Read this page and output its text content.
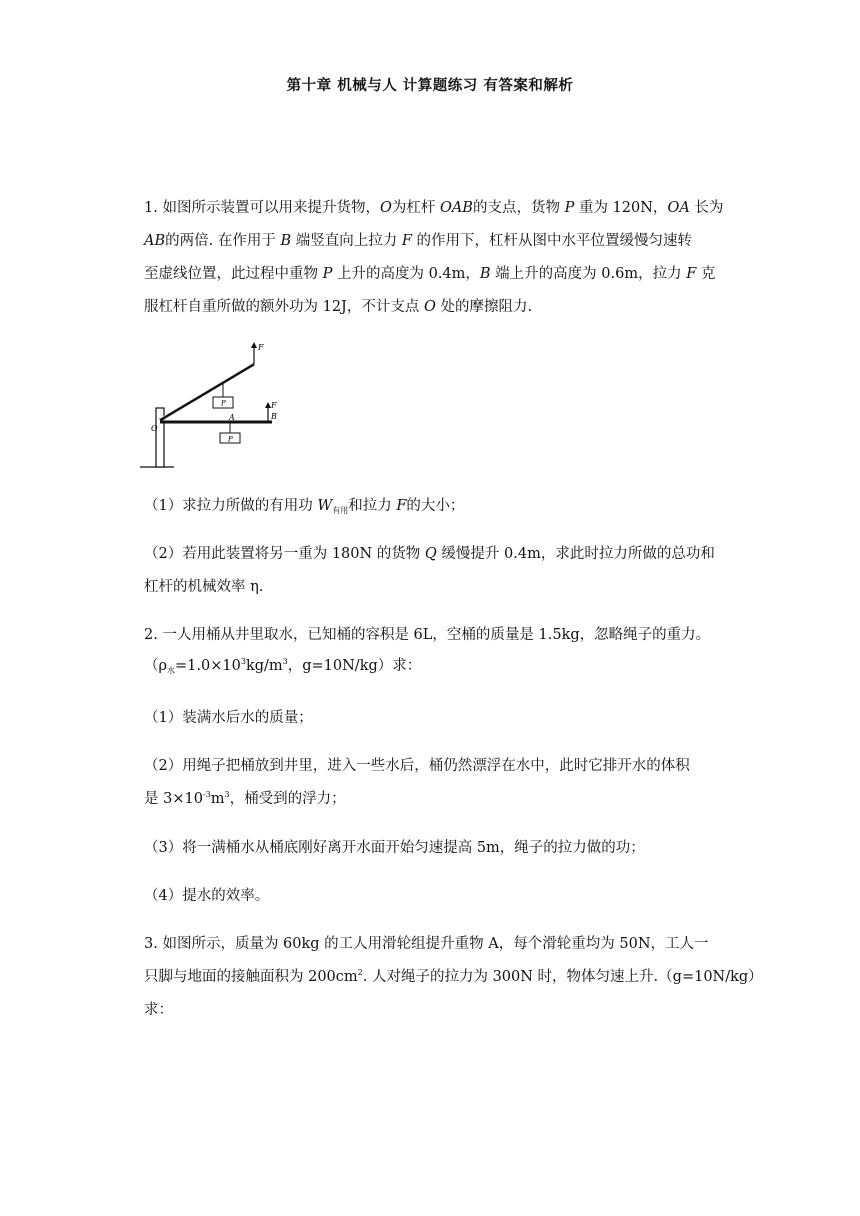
第十章 机械与人 计算题练习 有答案和解析
1. 如图所示装置可以用来提升货物，O为杠杆 OAB的支点，货物 P 重为 120N，OA 长为
AB的两倍. 在作用于 B 端竖直向上拉力 F 的作用下，杠杆从图中水平位置缓慢匀速转
至虚线位置，此过程中重物 P 上升的高度为 0.4m，B 端上升的高度为 0.6m，拉力 F 克
服杠杆自重所做的额外功为 12J，不计支点 O 处的摩擦阻力.
F
F
B
O
A
P
P
（1）求拉力所做的有用功 $W_{有用}$和拉力 F的大小；
（2）若用此装置将另一重为 180N 的货物 Q 缓慢提升 0.4m，求此时拉力所做的总功和
杠杆的机械效率 η.
2. 一人用桶从井里取水，已知桶的容积是 6L，空桶的质量是 1.5kg，忽略绳子的重力。
（$\rho_水=1.0\times 10^3kg/m^3$，g=10N/kg）求：
（1）装满水后水的质量；
（2）用绳子把桶放到井里，进入一些水后，桶仍然漂浮在水中，此时它排开水的体积
是 $3\times 10^{-3}m^3$，桶受到的浮力；
（3）将一满桶水从桶底刚好离开水面开始匀速提高 5m，绳子的拉力做的功；
（4）提水的效率。
3. 如图所示，质量为 60kg 的工人用滑轮组提升重物 A，每个滑轮重均为 50N，工人一
只脚与地面的接触面积为 $200cm^2$. 人对绳子的拉力为 300N 时，物体匀速上升.（g=10N/kg）
求：
